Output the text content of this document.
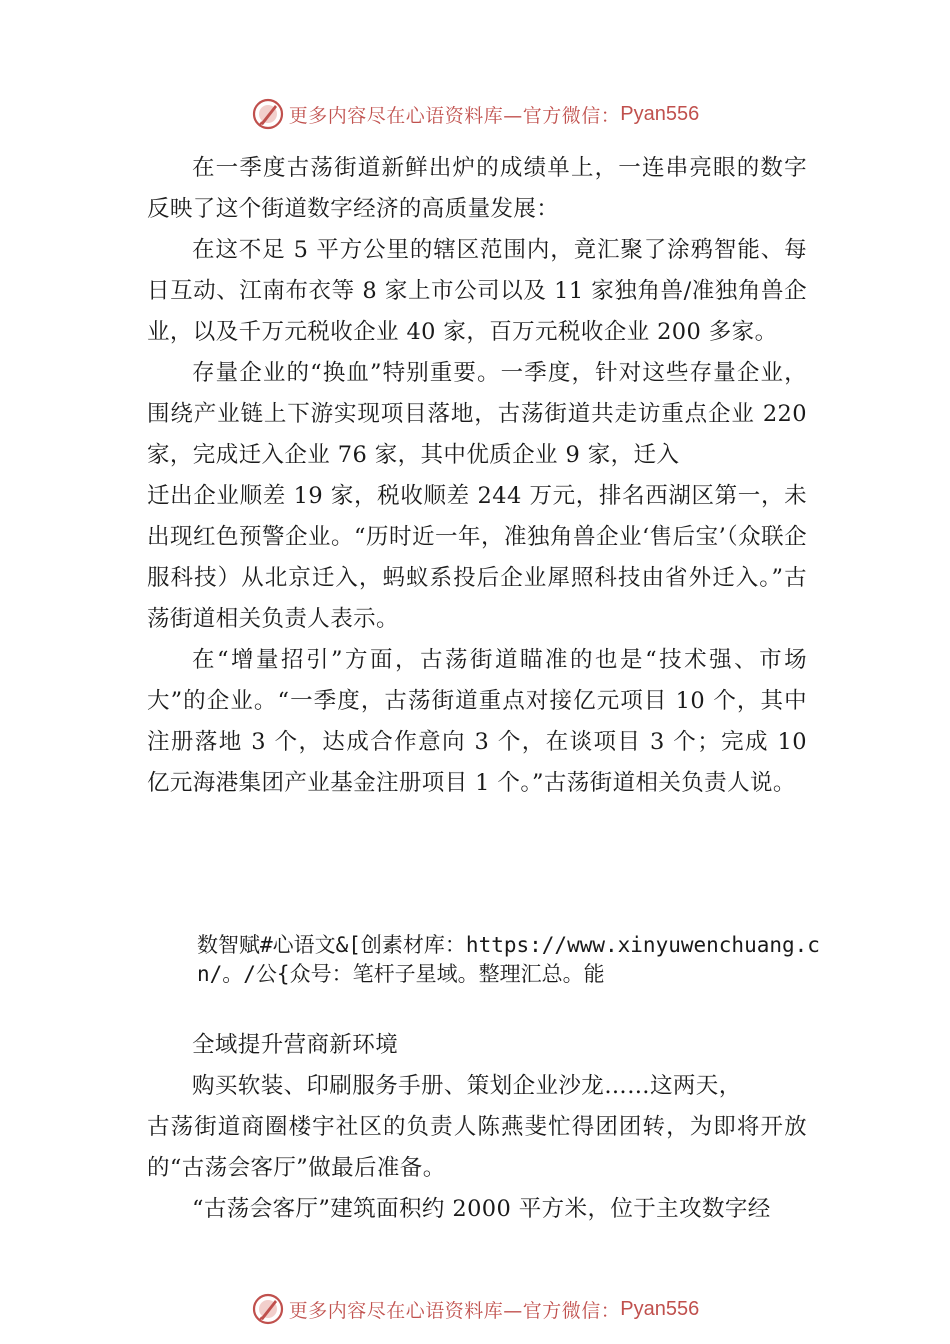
更多内容尽在心语资料库—官方微信： Pyan556

在一季度古荡街道新鲜出炉的成绩单上，一连串亮眼的数字反映了这个街道数字经济的高质量发展：

在这不足 5 平方公里的辖区范围内，竟汇聚了涂鸦智能、每日互动、江南布衣等 8 家上市公司以及 11 家独角兽/准独角兽企业，以及千万元税收企业 40 家，百万元税收企业 200 多家。

存量企业的“换血”特别重要。一季度，针对这些存量企业，围绕产业链上下游实现项目落地，古荡街道共走访重点企业 220 家，完成迁入企业 76 家，其中优质企业 9 家，迁入

迁出企业顺差 19 家，税收顺差 244 万元，排名西湖区第一，未出现红色预警企业。“历时近一年，准独角兽企业‘售后宝’（众联企服科技）从北京迁入，蚂蚁系投后企业犀照科技由省外迁入。”古荡街道相关负责人表示。

在“增量招引”方面，古荡街道瞄准的也是“技术强、市场大”的企业。“一季度，古荡街道重点对接亿元项目 10 个，其中注册落地 3 个，达成合作意向 3 个，在谈项目 3 个；完成 10 亿元海港集团产业基金注册项目 1 个。”古荡街道相关负责人说。

数智赋#心语文&[创素材库：https://www.xinyuwenchuang.cn/。/公{众号：笔杆子星域。整理汇总。能

全域提升营商新环境

购买软装、印刷服务手册、策划企业沙龙……这两天，

古荡街道商圈楼宇社区的负责人陈燕斐忙得团团转，为即将开放的“古荡会客厅”做最后准备。

“古荡会客厅”建筑面积约 2000 平方米，位于主攻数字经

更多内容尽在心语资料库—官方微信： Pyan556
